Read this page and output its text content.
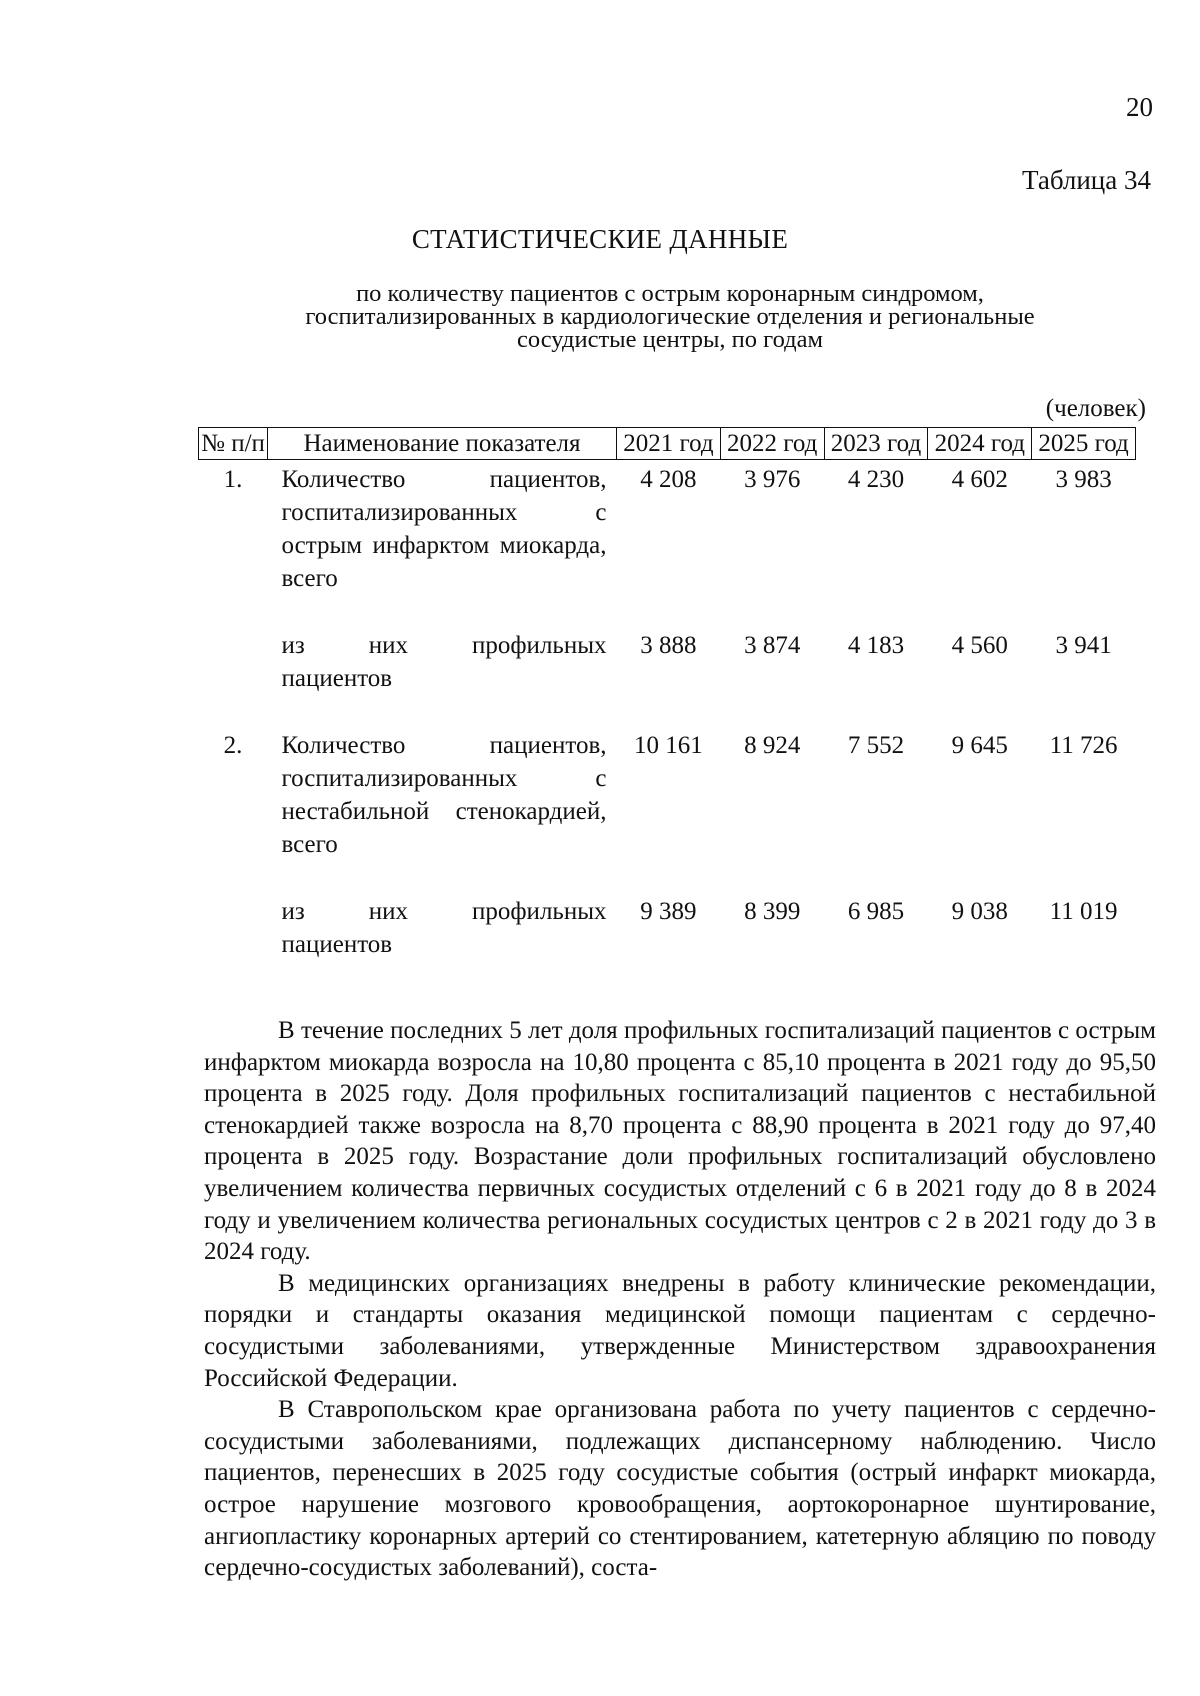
20
Таблица 34
СТАТИСТИЧЕСКИЕ ДАННЫЕ
по количеству пациентов с острым коронарным синдромом,
госпитализированных в кардиологические отделения и региональные
сосудистые центры, по годам
(человек)
№ п/п	Наименование показателя	2021 год	2022 год	2023 год	2024 год	2025 год
1.	Количество пациентов, госпитализированных с острым инфарктом миокарда, всего	4 208	3 976	4 230	4 602	3 983
	из них профильных пациентов	3 888	3 874	4 183	4 560	3 941
2.	Количество пациентов, госпитализированных с нестабильной стенокардией, всего	10 161	8 924	7 552	9 645	11 726
	из них профильных пациентов	9 389	8 399	6 985	9 038	11 019

В течение последних 5 лет доля профильных госпитализаций пациентов с острым инфарктом миокарда возросла на 10,80 процента с 85,10 процента в 2021 году до 95,50 процента в 2025 году. Доля профильных госпитализаций пациентов с нестабильной стенокардией также возросла на 8,70 процента с 88,90 процента в 2021 году до 97,40 процента в 2025 году. Возрастание доли профильных госпитализаций обусловлено увеличением количества первичных сосудистых отделений с 6 в 2021 году до 8 в 2024 году и увеличением количества региональных сосудистых центров с 2 в 2021 году до 3 в 2024 году.

В медицинских организациях внедрены в работу клинические рекомендации, порядки и стандарты оказания медицинской помощи пациентам с сердечно-сосудистыми заболеваниями, утвержденные Министерством здравоохранения Российской Федерации.

В Ставропольском крае организована работа по учету пациентов с сердечно-сосудистыми заболеваниями, подлежащих диспансерному наблюдению. Число пациентов, перенесших в 2025 году сосудистые события (острый инфаркт миокарда, острое нарушение мозгового кровообращения, аортокоронарное шунтирование, ангиопластику коронарных артерий со стентированием, катетерную абляцию по поводу сердечно-сосудистых заболеваний), соста-
